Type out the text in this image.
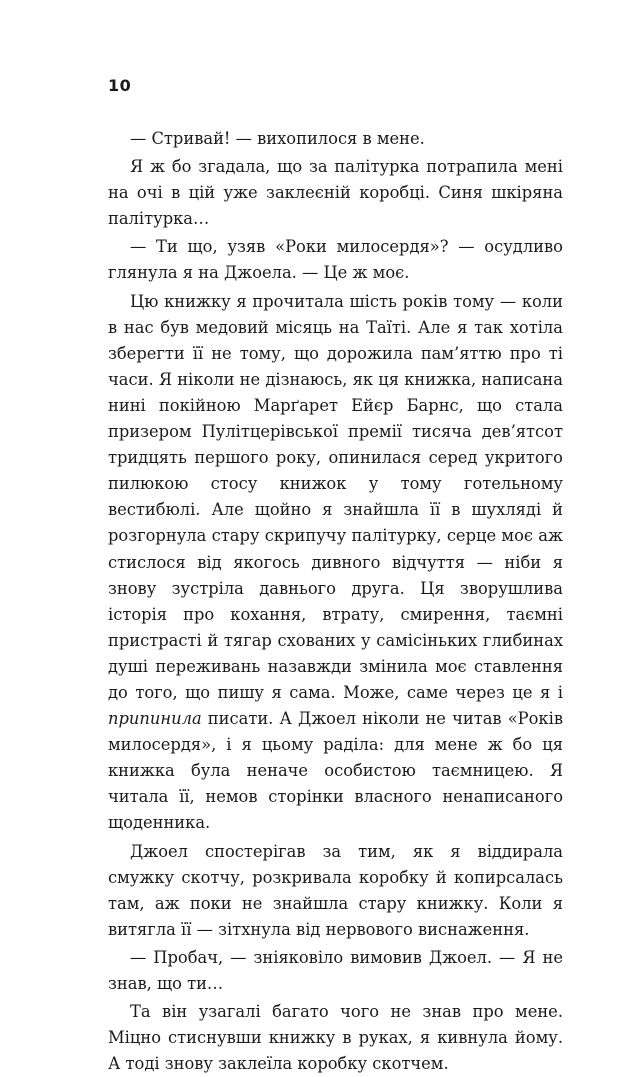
10

— Стривай! — вихопилося в мене.

Я ж бо згадала, що за палітурка потрапила мені на очі в цій уже заклеєній коробці. Синя шкіряна палітурка…

— Ти що, узяв «Роки милосердя»? — осудливо глянула я на Джоела. — Це ж моє.

Цю книжку я прочитала шість років тому — коли в нас був медовий місяць на Таїті. Але я так хотіла зберегти її не тому, що дорожила пам’яттю про ті часи. Я ніколи не дізнаюсь, як ця книжка, написана нині покійною Марґарет Ейєр Барнс, що стала призером Пулітцерівської премії тисяча дев’ятсот тридцять першого року, опинилася серед укритого пилюкою стосу книжок у тому готельному вестибюлі. Але щойно я знайшла її в шухляді й розгорнула стару скрипучу палітурку, серце моє аж стислося від якогось дивного відчуття — ніби я знову зустріла давнього друга. Ця зворушлива історія про кохання, втрату, смирення, таємні пристрасті й тягар схованих у самісіньких глибинах душі переживань назавжди змінила моє ставлення до того, що пишу я сама. Може, саме через це я і припинила писати. А Джоел ніколи не читав «Років милосердя», і я цьому раділа: для мене ж бо ця книжка була неначе особистою таємницею. Я читала її, немов сторінки власного ненаписаного щоденника.

Джоел спостерігав за тим, як я віддирала смужку скотчу, розкривала коробку й копирсалась там, аж поки не знайшла стару книжку. Коли я витягла її — зітхнула від нервового виснаження.

— Пробач, — зніяковіло вимовив Джоел. — Я не знав, що ти…

Та він узагалі багато чого не знав про мене. Міцно стиснувши книжку в руках, я кивнула йому. А тоді знову заклеїла коробку скотчем.
